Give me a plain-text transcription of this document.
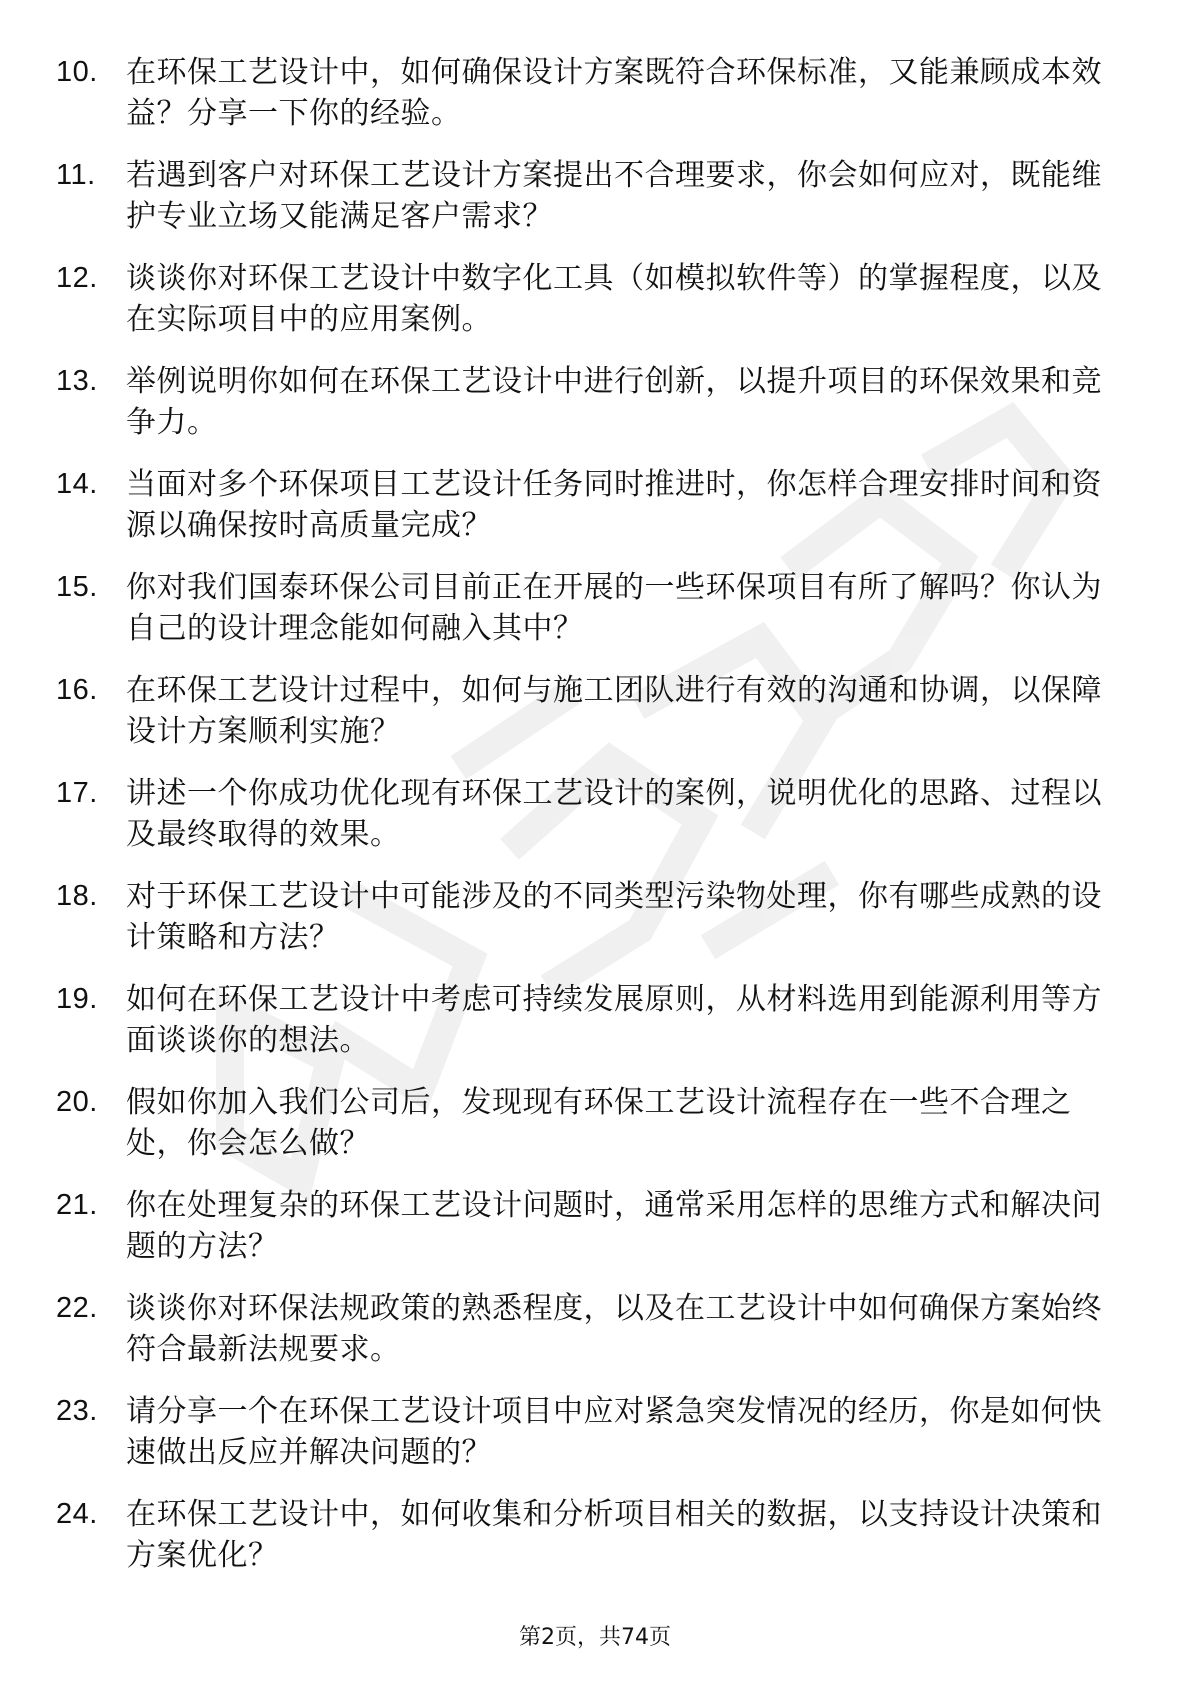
10. 在环保工艺设计中，如何确保设计方案既符合环保标准，又能兼顾成本效益？分享一下你的经验。
11.	若遇到客户对环保工艺设计方案提出不合理要求，你会如何应对，既能维护专业立场又能满足客户需求？
12. 谈谈你对环保工艺设计中数字化工具（如模拟软件等）的掌握程度，以及在实际项目中的应用案例。
13. 举例说明你如何在环保工艺设计中进行创新，以提升项目的环保效果和竞争力。
14. 当面对多个环保项目工艺设计任务同时推进时，你怎样合理安排时间和资源以确保按时高质量完成？
15. 你对我们国泰环保公司目前正在开展的一些环保项目有所了解吗？你认为自己的设计理念能如何融入其中？
16. 在环保工艺设计过程中，如何与施工团队进行有效的沟通和协调，以保障设计方案顺利实施？
17. 讲述一个你成功优化现有环保工艺设计的案例，说明优化的思路、过程以及最终取得的效果。
18. 对于环保工艺设计中可能涉及的不同类型污染物处理，你有哪些成熟的设计策略和方法？
19. 如何在环保工艺设计中考虑可持续发展原则，从材料选用到能源利用等方面谈谈你的想法。
20. 假如你加入我们公司后，发现现有环保工艺设计流程存在一些不合理之处，你会怎么做？
21. 你在处理复杂的环保工艺设计问题时，通常采用怎样的思维方式和解决问题的方法？
22. 谈谈你对环保法规政策的熟悉程度，以及在工艺设计中如何确保方案始终符合最新法规要求。
23. 请分享一个在环保工艺设计项目中应对紧急突发情况的经历，你是如何快速做出反应并解决问题的？
24. 在环保工艺设计中，如何收集和分析项目相关的数据，以支持设计决策和方案优化？
第2页，共74页
